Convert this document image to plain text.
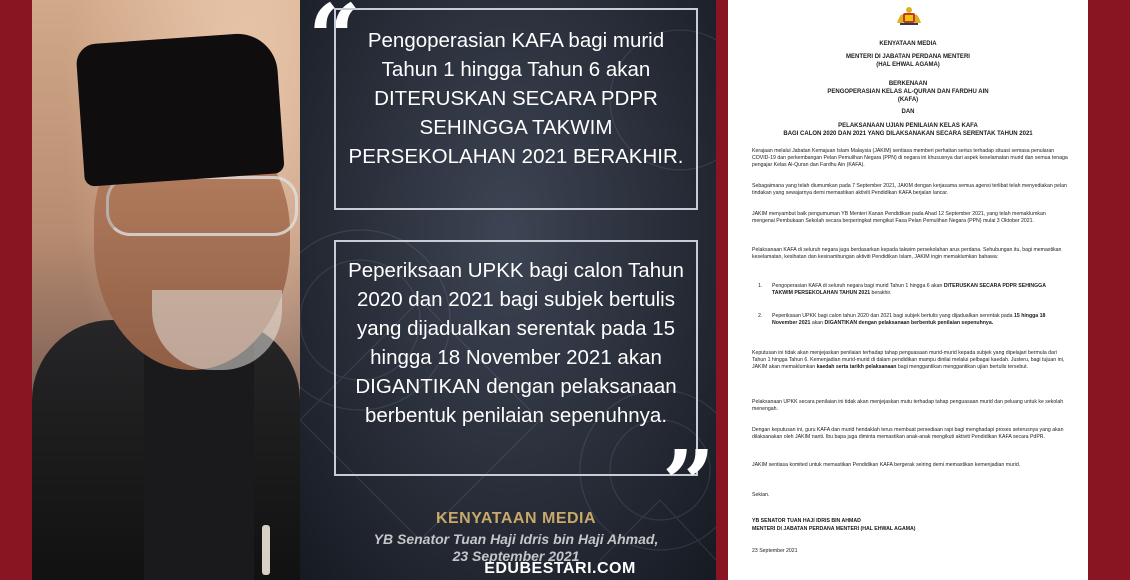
“ Pengoperasian KAFA bagi murid Tahun 1 hingga Tahun 6 akan DITERUSKAN SECARA PDPR SEHINGGA TAKWIM PERSEKOLAHAN 2021 BERAKHIR.

Peperiksaan UPKK bagi calon Tahun 2020 dan 2021 bagi subjek bertulis yang dijadualkan serentak pada 15 hingga 18 November 2021 akan DIGANTIKAN dengan pelaksanaan berbentuk penilaian sepenuhnya.

”
KENYATAAN MEDIA
YB Senator Tuan Haji Idris bin Haji Ahmad,
23 September 2021
EDUBESTARI.COM
KENYATAAN MEDIA
MENTERI DI JABATAN PERDANA MENTERI
(HAL EHWAL AGAMA)
BERKENAAN
PENGOPERASIAN KELAS AL-QURAN DAN FARDHU AIN
(KAFA)
DAN
PELAKSANAAN UJIAN PENILAIAN KELAS KAFA
BAGI CALON 2020 DAN 2021 YANG DILAKSANAKAN SECARA SERENTAK TAHUN 2021
Kerajaan melalui Jabatan Kemajuan Islam Malaysia (JAKIM) sentiasa memberi perhatian serius terhadap situasi semasa penularan COVID-19 dan perkembangan Pelan Pemulihan Negara (PPN) di negara ini khususnya dari aspek keselamatan murid dan semua tenaga pengajar Kelas Al-Quran dan Fardhu Ain (KAFA).
Sebagaimana yang telah diumumkan pada 7 September 2021, JAKIM dengan kerjasama semua agensi terlibat telah menyediakan pelan tindakan yang sewajarnya demi memastikan aktiviti Pendidikan KAFA berjalan lancar.
JAKIM menyambut baik pengumuman YB Menteri Kanan Pendidikan pada Ahad 12 September 2021, yang telah memaklumkan mengenai Pembukaan Sekolah secara berperingkat mengikut Fasa Pelan Pemulihan Negara (PPN) mulai 3 Oktober 2021.
Pelaksanaan KAFA di seluruh negara juga berdasarkan kepada takwim persekolahan arus perdana. Sehubungan itu, bagi memastikan keselamatan, kesihatan dan kesinambungan aktiviti Pendidikan Islam, JAKIM ingin memaklumkan bahawa:
1. Pengoperasian KAFA di seluruh negara bagi murid Tahun 1 hingga 6 akan DITERUSKAN SECARA PDPR SEHINGGA TAKWIM PERSEKOLAHAN TAHUN 2021 berakhir.
2. Peperiksaan UPKK bagi calon tahun 2020 dan 2021 bagi subjek bertulis yang dijadualkan serentak pada 15 hingga 18 November 2021 akan DIGANTIKAN dengan pelaksanaan berbentuk penilaian sepenuhnya.
Keputusan ini tidak akan menjejaskan penilaian terhadap tahap penguasaan murid-murid kepada subjek yang dipelajari bermula dari Tahun 1 hingga Tahun 6. Kemenjadian murid-murid di dalam pendidikan mampu dinilai melalui pelbagai kaedah. Justeru, bagi tujuan ini, JAKIM akan memaklumkan kaedah serta tarikh pelaksanaan bagi menggantikan menggantikan ujian bertulis tersebut.
Pelaksanaan UPKK secara penilaian ini tidak akan menjejaskan mutu terhadap tahap penguasaan murid dan peluang untuk ke sekolah menengah.
Dengan keputusan ini, guru KAFA dan murid hendaklah terus membuat persediaan rapi bagi menghadapi proses seterusnya yang akan dilaksanakan oleh JAKIM nanti. Ibu bapa juga diminta memastikan anak-anak mengikuti aktiviti Pendidikan KAFA secara PdPR.
JAKIM sentiasa komited untuk memastikan Pendidikan KAFA bergerak seiring demi memastikan kemenjadian murid.
Sekian.
YB SENATOR TUAN HAJI IDRIS BIN AHMAD
MENTERI DI JABATAN PERDANA MENTERI (HAL EHWAL AGAMA)
23 September 2021
